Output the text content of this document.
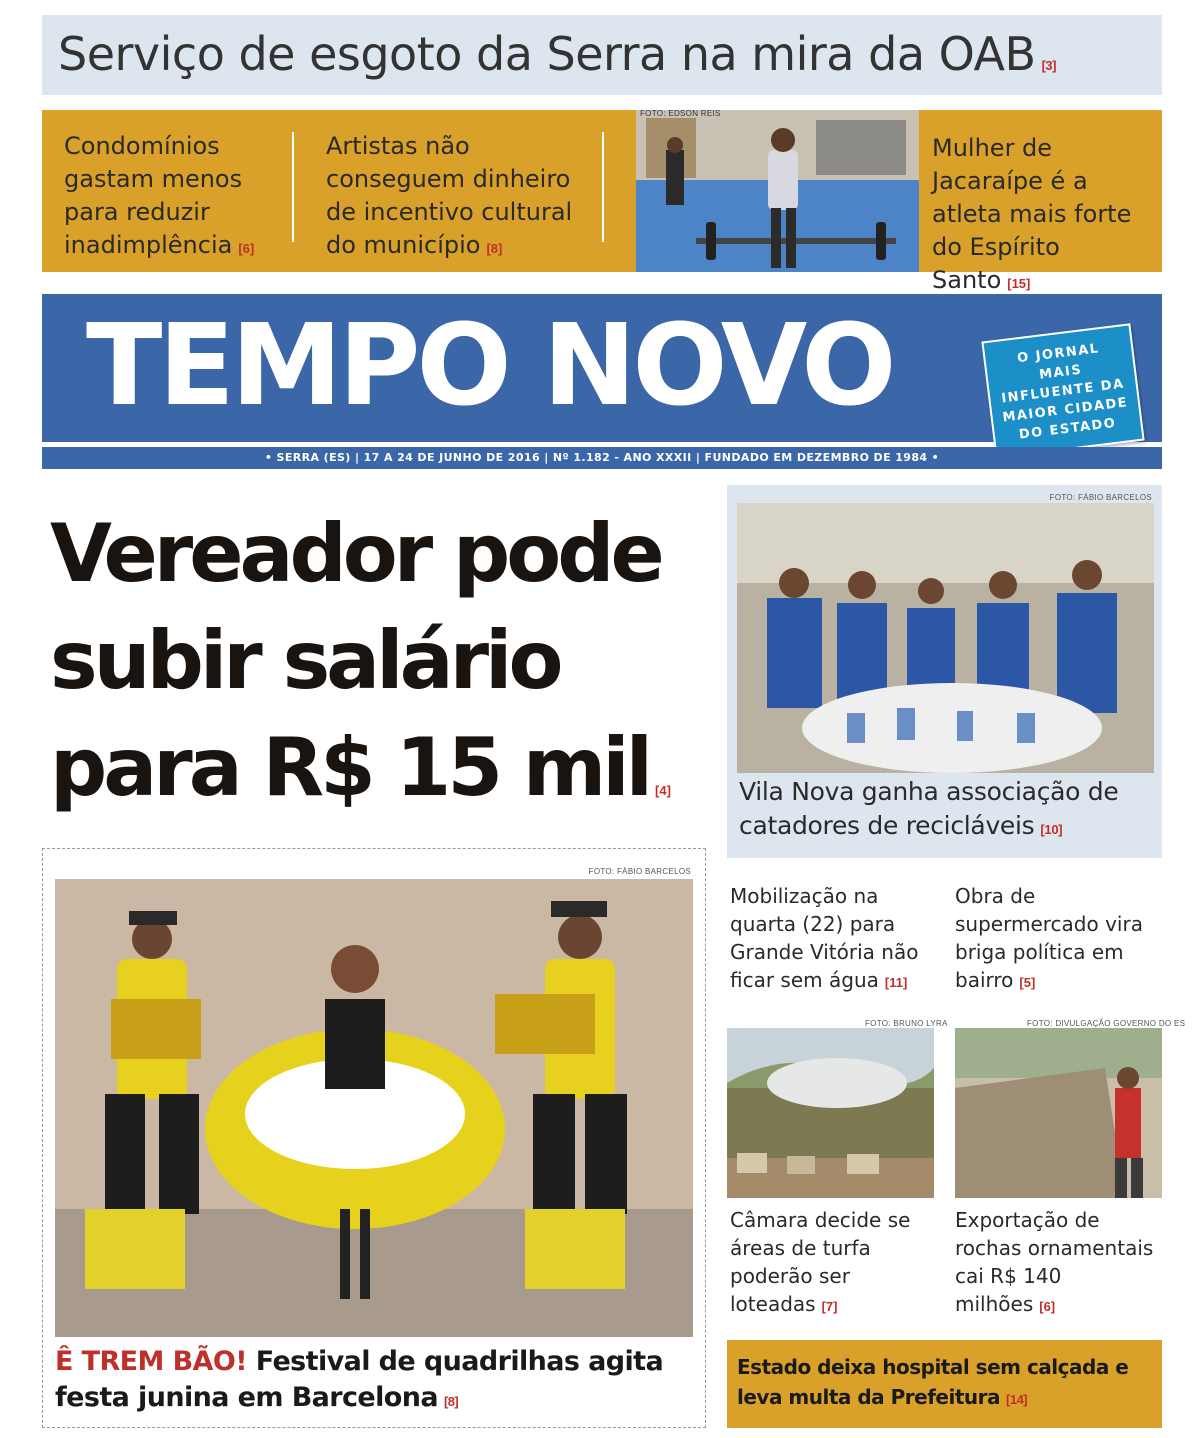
Serviço de esgoto da Serra na mira da OAB [3]
Condomínios gastam menos para reduzir inadimplência [6]
Artistas não conseguem dinheiro de incentivo cultural do município [8]
FOTO: EDSON REIS
Mulher de Jacaraípe é a atleta mais forte do Espírito Santo [15]
TEMPO NOVO	O JORNAL
MAIS
INFLUENTE DA
MAIOR CIDADE
DO ESTADO
• SERRA (ES) | 17 A 24 DE JUNHO DE 2016 | Nº 1.182 - ANO XXXII | FUNDADO EM DEZEMBRO DE 1984 •
Vereador pode subir salário para R$ 15 mil [4]
FOTO: FÁBIO BARCELOS
Ê TREM BÃO! Festival de quadrilhas agita festa junina em Barcelona [8]
FOTO: FÁBIO BARCELOS
Vila Nova ganha associação de catadores de recicláveis [10]
Mobilização na quarta (22) para Grande Vitória não ficar sem água [11]
Obra de supermercado vira briga política em bairro [5]
FOTO: BRUNO LYRA	FOTO: DIVULGAÇÃO GOVERNO DO ES
Câmara decide se áreas de turfa poderão ser loteadas [7]
Exportação de rochas ornamentais cai R$ 140 milhões [6]
Estado deixa hospital sem calçada e leva multa da Prefeitura [14]
